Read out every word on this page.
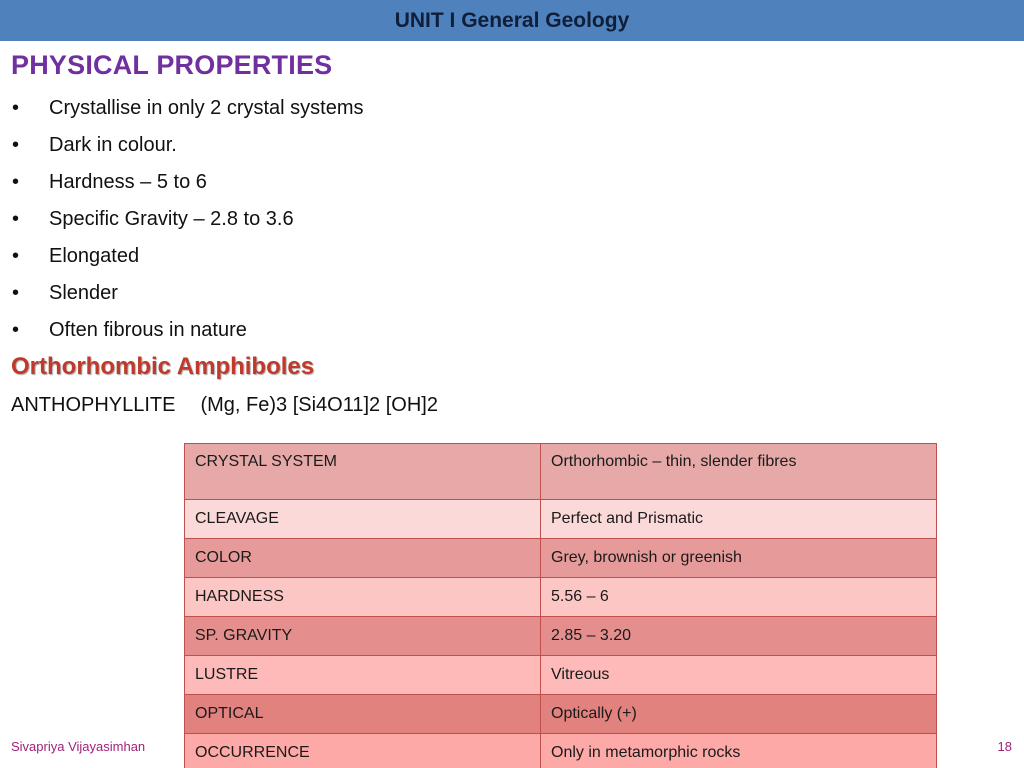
UNIT I General Geology
PHYSICAL PROPERTIES
• Crystallise in only 2 crystal systems
• Dark in colour.
• Hardness – 5 to 6
• Specific Gravity – 2.8 to 3.6
• Elongated
• Slender
• Often fibrous in nature
Orthorhombic Amphiboles
ANTHOPHYLLITE (Mg, Fe)3 [Si4O11]2 [OH]2
CRYSTAL SYSTEM	Orthorhombic – thin, slender fibres
CLEAVAGE	Perfect and Prismatic
COLOR	Grey, brownish or greenish
HARDNESS	5.56 – 6
SP. GRAVITY	2.85 – 3.20
LUSTRE	Vitreous
OPTICAL	Optically (+)
OCCURRENCE	Only in metamorphic rocks
Sivapriya Vijayasimhan	18
